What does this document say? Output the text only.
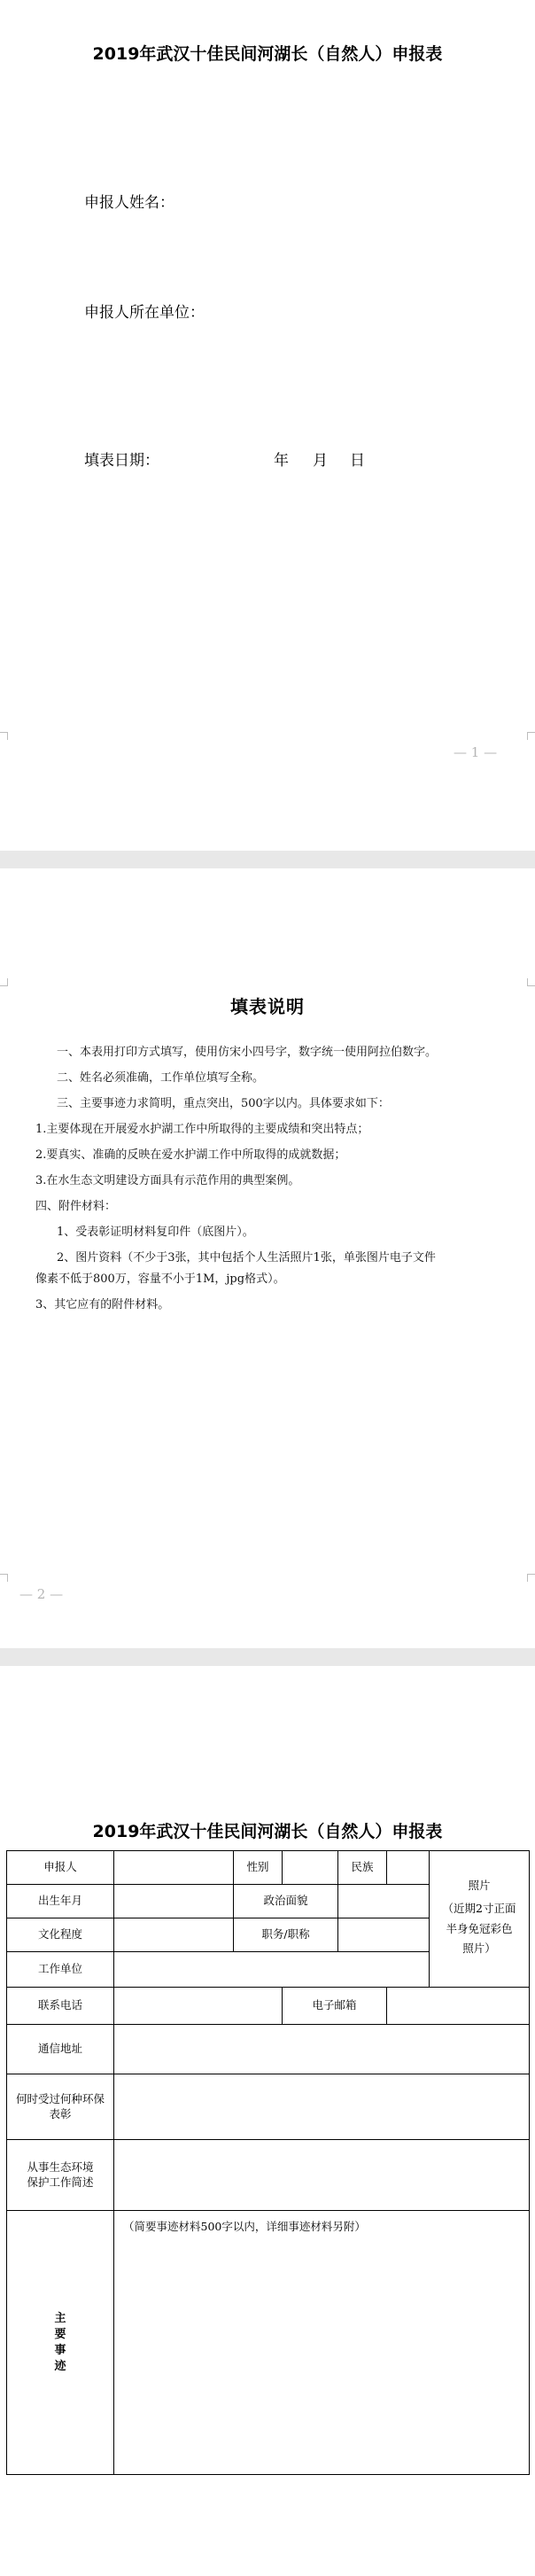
2019年武汉十佳民间河湖长（自然人）申报表
申报人姓名：
申报人所在单位：
填表日期：	年 月 日
— 1 —
填表说明
一、本表用打印方式填写，使用仿宋小四号字，数字统一使用阿拉伯数字。
二、姓名必须准确，工作单位填写全称。
三、主要事迹力求简明，重点突出，500字以内。具体要求如下：
1.主要体现在开展爱水护湖工作中所取得的主要成绩和突出特点；
2.要真实、准确的反映在爱水护湖工作中所取得的成就数据；
3.在水生态文明建设方面具有示范作用的典型案例。
四、附件材料：
1、受表彰证明材料复印件（底图片）。
2、图片资料（不少于3张，其中包括个人生活照片1张，单张图片电子文件
像素不低于800万，容量不小于1M，jpg格式）。
3、其它应有的附件材料。
— 2 —
2019年武汉十佳民间河湖长（自然人）申报表
申报人		性别		民族		照片
（近期2寸正面半身免冠彩色照片）

出生年月		政治面貌				
文化程度		职务/职称				
工作单位						
联系电话			电子邮箱			
通信地址						
何时受过何种环保表彰						
从事生态环境保护工作简述						
主要事迹	（简要事迹材料500字以内，详细事迹材料另附）					
